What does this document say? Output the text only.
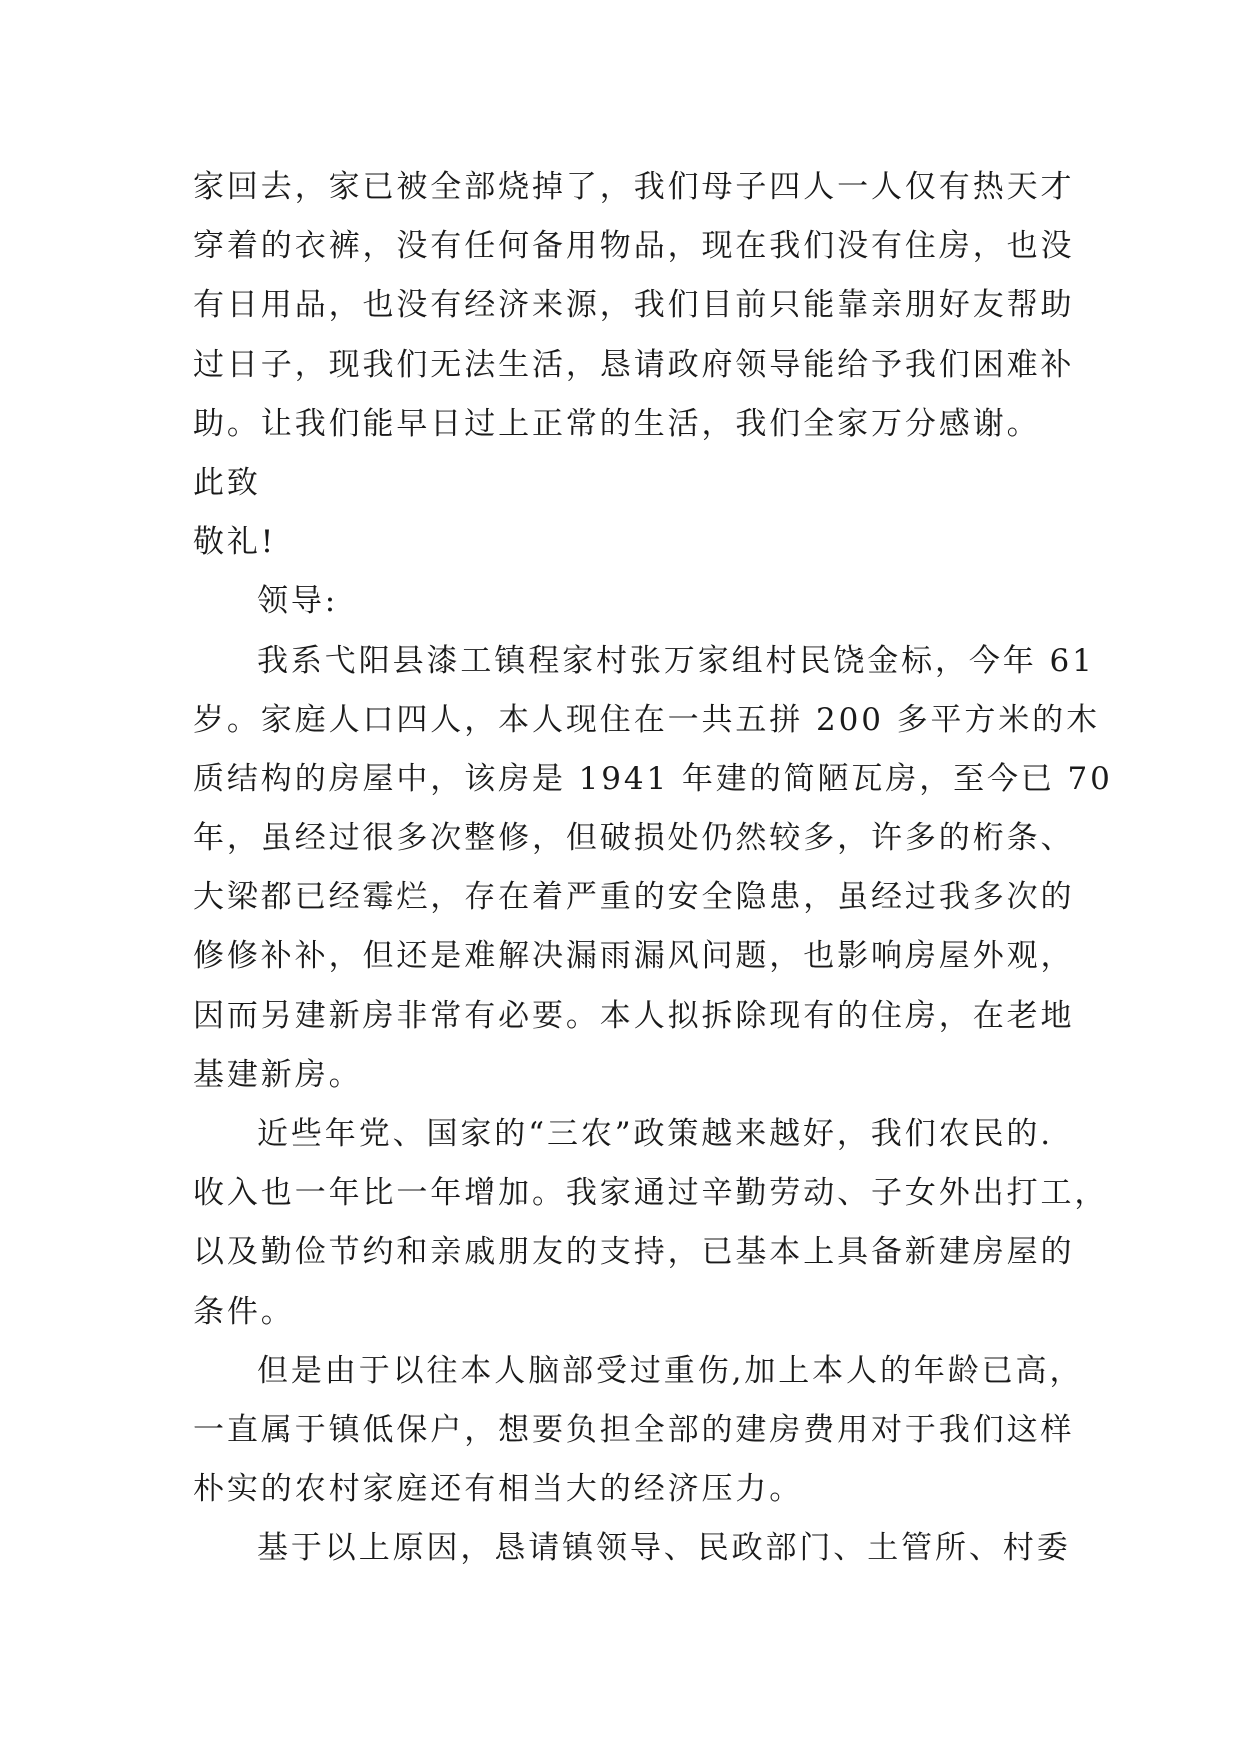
家回去，家已被全部烧掉了，我们母子四人一人仅有热天才
穿着的衣裤，没有任何备用物品，现在我们没有住房，也没
有日用品，也没有经济来源，我们目前只能靠亲朋好友帮助
过日子，现我们无法生活，恳请政府领导能给予我们困难补
助。让我们能早日过上正常的生活，我们全家万分感谢。
此致
敬礼!
领导:
我系弋阳县漆工镇程家村张万家组村民饶金标，今年 61
岁。家庭人口四人，本人现住在一共五拼 200 多平方米的木
质结构的房屋中，该房是 1941 年建的简陋瓦房，至今已 70
年，虽经过很多次整修，但破损处仍然较多，许多的桁条、
大梁都已经霉烂，存在着严重的安全隐患，虽经过我多次的
修修补补，但还是难解决漏雨漏风问题，也影响房屋外观，
因而另建新房非常有必要。本人拟拆除现有的住房，在老地
基建新房。
近些年党、国家的“三农”政策越来越好，我们农民的.
收入也一年比一年增加。我家通过辛勤劳动、子女外出打工，
以及勤俭节约和亲戚朋友的支持，已基本上具备新建房屋的
条件。
但是由于以往本人脑部受过重伤,加上本人的年龄已高，
一直属于镇低保户，想要负担全部的建房费用对于我们这样
朴实的农村家庭还有相当大的经济压力。
基于以上原因，恳请镇领导、民政部门、土管所、村委
